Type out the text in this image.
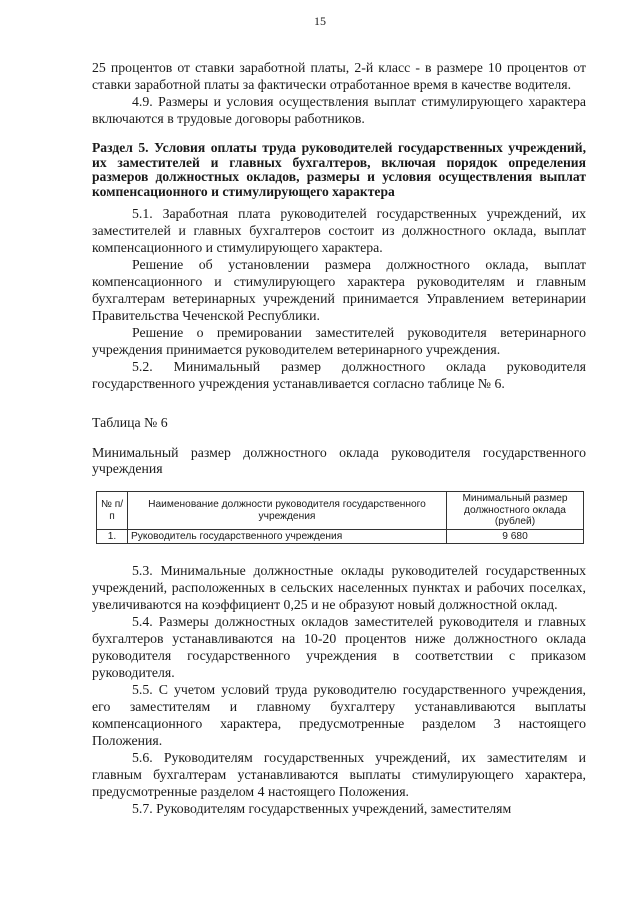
15

25 процентов от ставки заработной платы, 2-й класс - в размере 10 процентов от ставки заработной платы за фактически отработанное время в качестве водителя.

4.9. Размеры и условия осуществления выплат стимулирующего характера включаются в трудовые договоры работников.

Раздел 5. Условия оплаты труда руководителей государственных учреждений, их заместителей и главных бухгалтеров, включая порядок определения размеров должностных окладов, размеры и условия осуществления выплат компенсационного и стимулирующего характера

5.1. Заработная плата руководителей государственных учреждений, их заместителей и главных бухгалтеров состоит из должностного оклада, выплат компенсационного и стимулирующего характера.

Решение об установлении размера должностного оклада, выплат компенсационного и стимулирующего характера руководителям и главным бухгалтерам ветеринарных учреждений принимается Управлением ветеринарии Правительства Чеченской Республики.

Решение о премировании заместителей руководителя ветеринарного учреждения принимается руководителем ветеринарного учреждения.

5.2. Минимальный размер должностного оклада руководителя государственного учреждения устанавливается согласно таблице № 6.

Таблица № 6

Минимальный размер должностного оклада руководителя государственного учреждения

№ п/п	Наименование должности руководителя государственного учреждения	Минимальный размер должностного оклада (рублей)
1.	Руководитель государственного учреждения	9 680

5.3. Минимальные должностные оклады руководителей государственных учреждений, расположенных в сельских населенных пунктах и рабочих поселках, увеличиваются на коэффициент 0,25 и не образуют новый должностной оклад.

5.4. Размеры должностных окладов заместителей руководителя и главных бухгалтеров устанавливаются на 10-20 процентов ниже должностного оклада руководителя государственного учреждения в соответствии с приказом руководителя.

5.5. С учетом условий труда руководителю государственного учреждения, его заместителям и главному бухгалтеру устанавливаются выплаты компенсационного характера, предусмотренные разделом 3 настоящего Положения.

5.6. Руководителям государственных учреждений, их заместителям и главным бухгалтерам устанавливаются выплаты стимулирующего характера, предусмотренные разделом 4 настоящего Положения.

5.7. Руководителям государственных учреждений, заместителям
